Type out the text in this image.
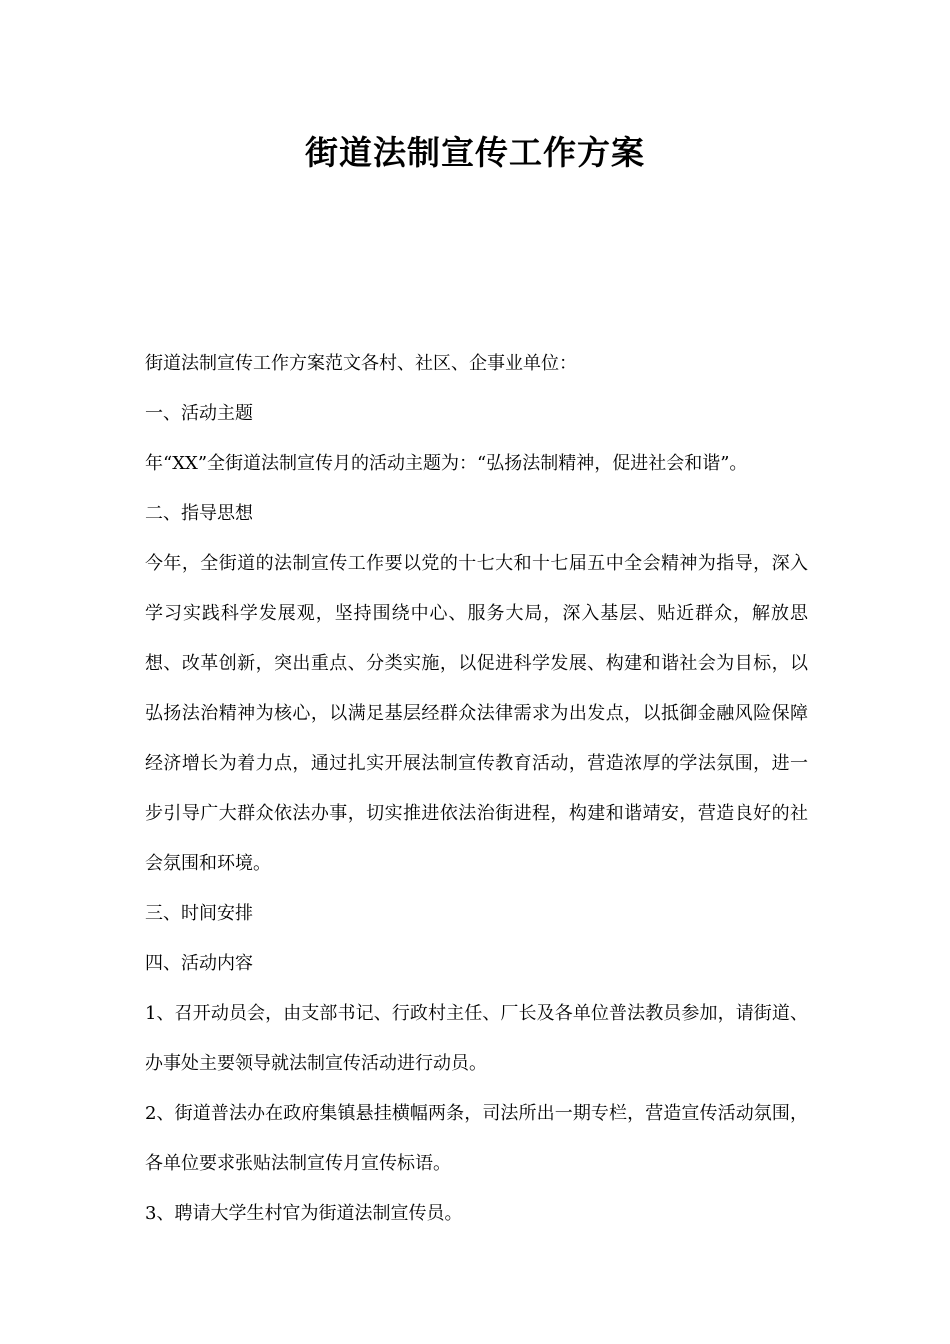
街道法制宣传工作方案

街道法制宣传工作方案范文各村、社区、企事业单位：

一、活动主题

年“XX”全街道法制宣传月的活动主题为：“弘扬法制精神，促进社会和谐”。

二、指导思想

今年，全街道的法制宣传工作要以党的十七大和十七届五中全会精神为指导，深入学习实践科学发展观，坚持围绕中心、服务大局，深入基层、贴近群众，解放思想、改革创新，突出重点、分类实施，以促进科学发展、构建和谐社会为目标，以弘扬法治精神为核心，以满足基层经群众法律需求为出发点，以抵御金融风险保障经济增长为着力点，通过扎实开展法制宣传教育活动，营造浓厚的学法氛围，进一步引导广大群众依法办事，切实推进依法治街进程，构建和谐靖安，营造良好的社会氛围和环境。

三、时间安排

四、活动内容

1、召开动员会，由支部书记、行政村主任、厂长及各单位普法教员参加，请街道、办事处主要领导就法制宣传活动进行动员。

2、街道普法办在政府集镇悬挂横幅两条，司法所出一期专栏，营造宣传活动氛围，各单位要求张贴法制宣传月宣传标语。

3、聘请大学生村官为街道法制宣传员。
